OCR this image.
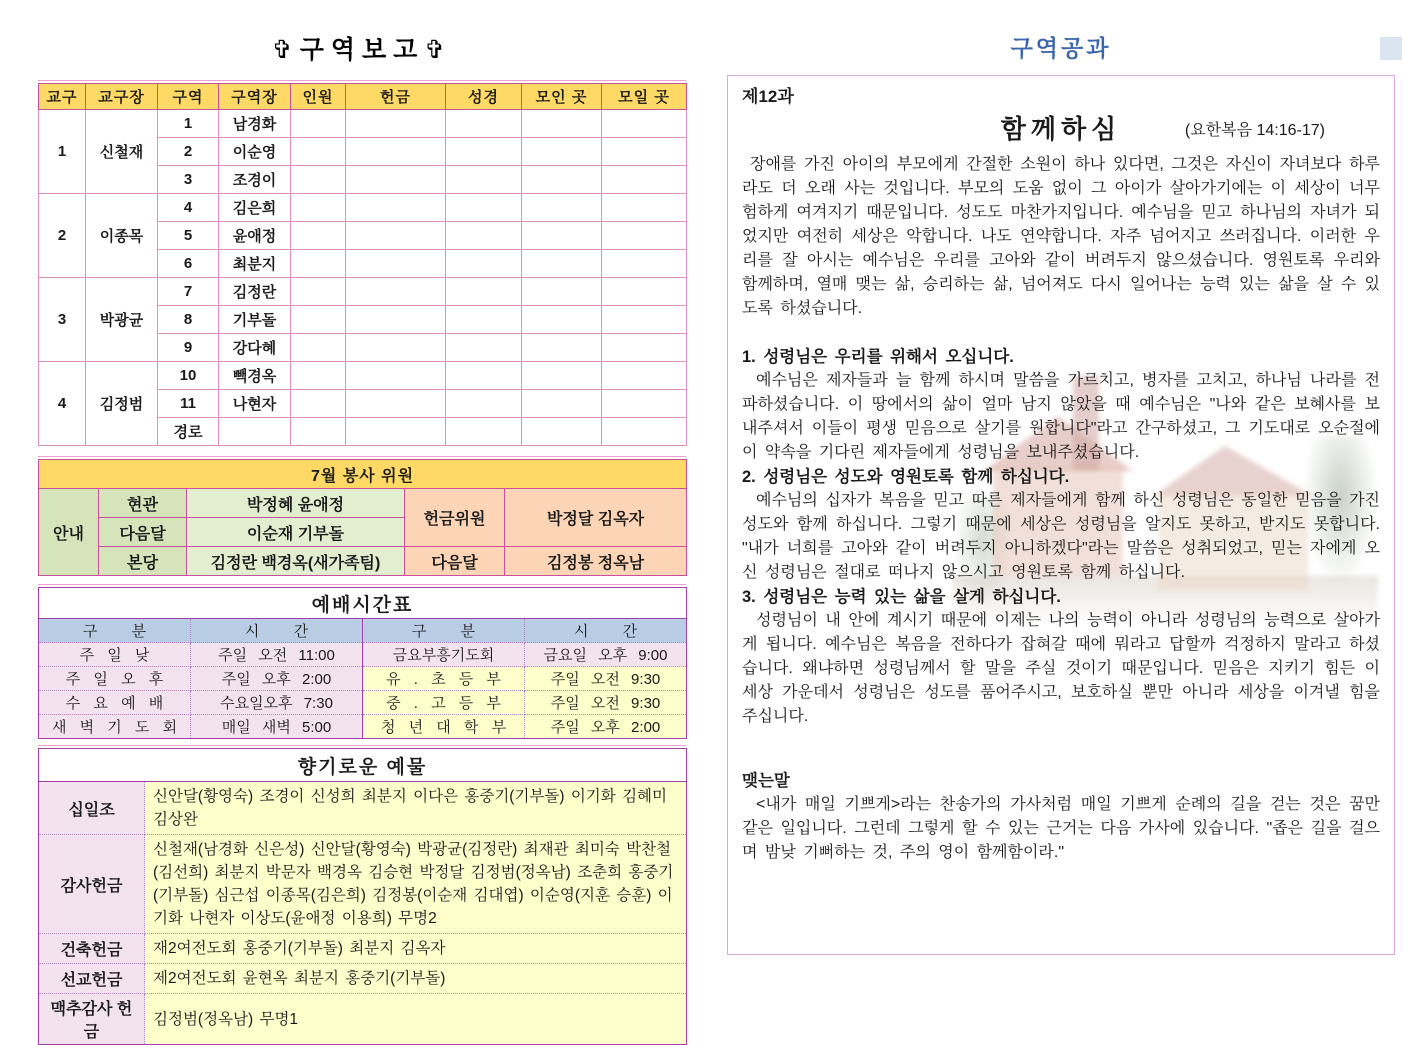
✞구역보고✞
교구	교구장	구역	구역장	인원	헌금	성경	모인 곳	모일 곳
1	신철재	1	남경화					
		2	이순영					
		3	조경이					
2	이종목	4	김은희					
		5	윤애정					
		6	최분지					
3	박광균	7	김정란					
		8	기부돌					
		9	강다혜					
4	김정범	10	빽경옥					
		11	나현자					
		경로						
7월 봉사 위원				
안내	현관	박정혜 윤애정	헌금위원	박정달 김옥자
	다음달	이순재 기부돌		
	본당	김정란 백경옥(새가족팀)	다음달	김정봉 정옥남
예배시간표			
구 분	시 간	구 분	시 간
주 일 낮	주일 오전 11:00	금요부흥기도회	금요일 오후 9:00
주 일 오 후	주일 오후 2:00	유 . 초 등 부	주일 오전 9:30
수 요 예 배	수요일오후 7:30	중 . 고 등 부	주일 오전 9:30
새 벽 기 도 회	매일 새벽 5:00	청 년 대 학 부	주일 오후 2:00
향기로운 예물	
십일조	신안달(황영숙) 조경이 신성희 최분지 이다은 홍중기(기부돌) 이기화 김혜미 김상완
감사헌금	신철재(남경화 신은성) 신안달(황영숙) 박광균(김정란) 최재관 최미숙 박찬철(김선희) 최분지 박문자 백경옥 김승현 박정달 김정범(정옥남) 조춘희 홍중기(기부돌) 심근섭 이종목(김은희) 김정봉(이순재 김대엽) 이순영(지훈 승훈) 이기화 나현자 이상도(윤애정 이용희) 무명2
건축헌금	재2여전도회 홍중기(기부돌) 최분지 김옥자
선교헌금	제2여전도회 윤현옥 최분지 홍중기(기부돌)
맥추감사 헌금	김정범(정옥남) 무명1
구역공과
제12과
함께하심	(요한복음 14:16-17)

장애를 가진 아이의 부모에게 간절한 소원이 하나 있다면, 그것은 자신이 자녀보다 하루라도 더 오래 사는 것입니다. 부모의 도움 없이 그 아이가 살아가기에는 이 세상이 너무 험하게 여겨지기 때문입니다. 성도도 마찬가지입니다. 예수님을 믿고 하나님의 자녀가 되었지만 여전히 세상은 악합니다. 나도 연약합니다. 자주 넘어지고 쓰러집니다. 이러한 우리를 잘 아시는 예수님은 우리를 고아와 같이 버려두지 않으셨습니다. 영원토록 우리와 함께하며, 열매 맺는 삶, 승리하는 삶, 넘어져도 다시 일어나는 능력 있는 삶을 살 수 있도록 하셨습니다.

1. 성령님은 우리를 위해서 오십니다.

예수님은 제자들과 늘 함께 하시며 말씀을 가르치고, 병자를 고치고, 하나님 나라를 전파하셨습니다. 이 땅에서의 삶이 얼마 남지 않았을 때 예수님은 "나와 같은 보혜사를 보내주셔서 이들이 평생 믿음으로 살기를 원합니다"라고 간구하셨고, 그 기도대로 오순절에 이 약속을 기다린 제자들에게 성령님을 보내주셨습니다.

2. 성령님은 성도와 영원토록 함께 하십니다.

예수님의 십자가 복음을 믿고 따른 제자들에게 함께 하신 성령님은 동일한 믿음을 가진 성도와 함께 하십니다. 그렇기 때문에 세상은 성령님을 알지도 못하고, 받지도 못합니다. "내가 너희를 고아와 같이 버려두지 아니하겠다"라는 말씀은 성취되었고, 믿는 자에게 오신 성령님은 절대로 떠나지 않으시고 영원토록 함께 하십니다.

3. 성령님은 능력 있는 삶을 살게 하십니다.

성령님이 내 안에 계시기 때문에 이제는 나의 능력이 아니라 성령님의 능력으로 살아가게 됩니다. 예수님은 복음을 전하다가 잡혀갈 때에 뭐라고 답할까 걱정하지 말라고 하셨습니다. 왜냐하면 성령님께서 할 말을 주실 것이기 때문입니다. 믿음은 지키기 힘든 이 세상 가운데서 성령님은 성도를 품어주시고, 보호하실 뿐만 아니라 세상을 이겨낼 힘을 주십니다.

맺는말

<내가 매일 기쁘게>라는 찬송가의 가사처럼 매일 기쁘게 순례의 길을 걷는 것은 꿈만 같은 일입니다. 그런데 그렇게 할 수 있는 근거는 다음 가사에 있습니다. "좁은 길을 걸으며 밤낮 기뻐하는 것, 주의 영이 함께함이라."
